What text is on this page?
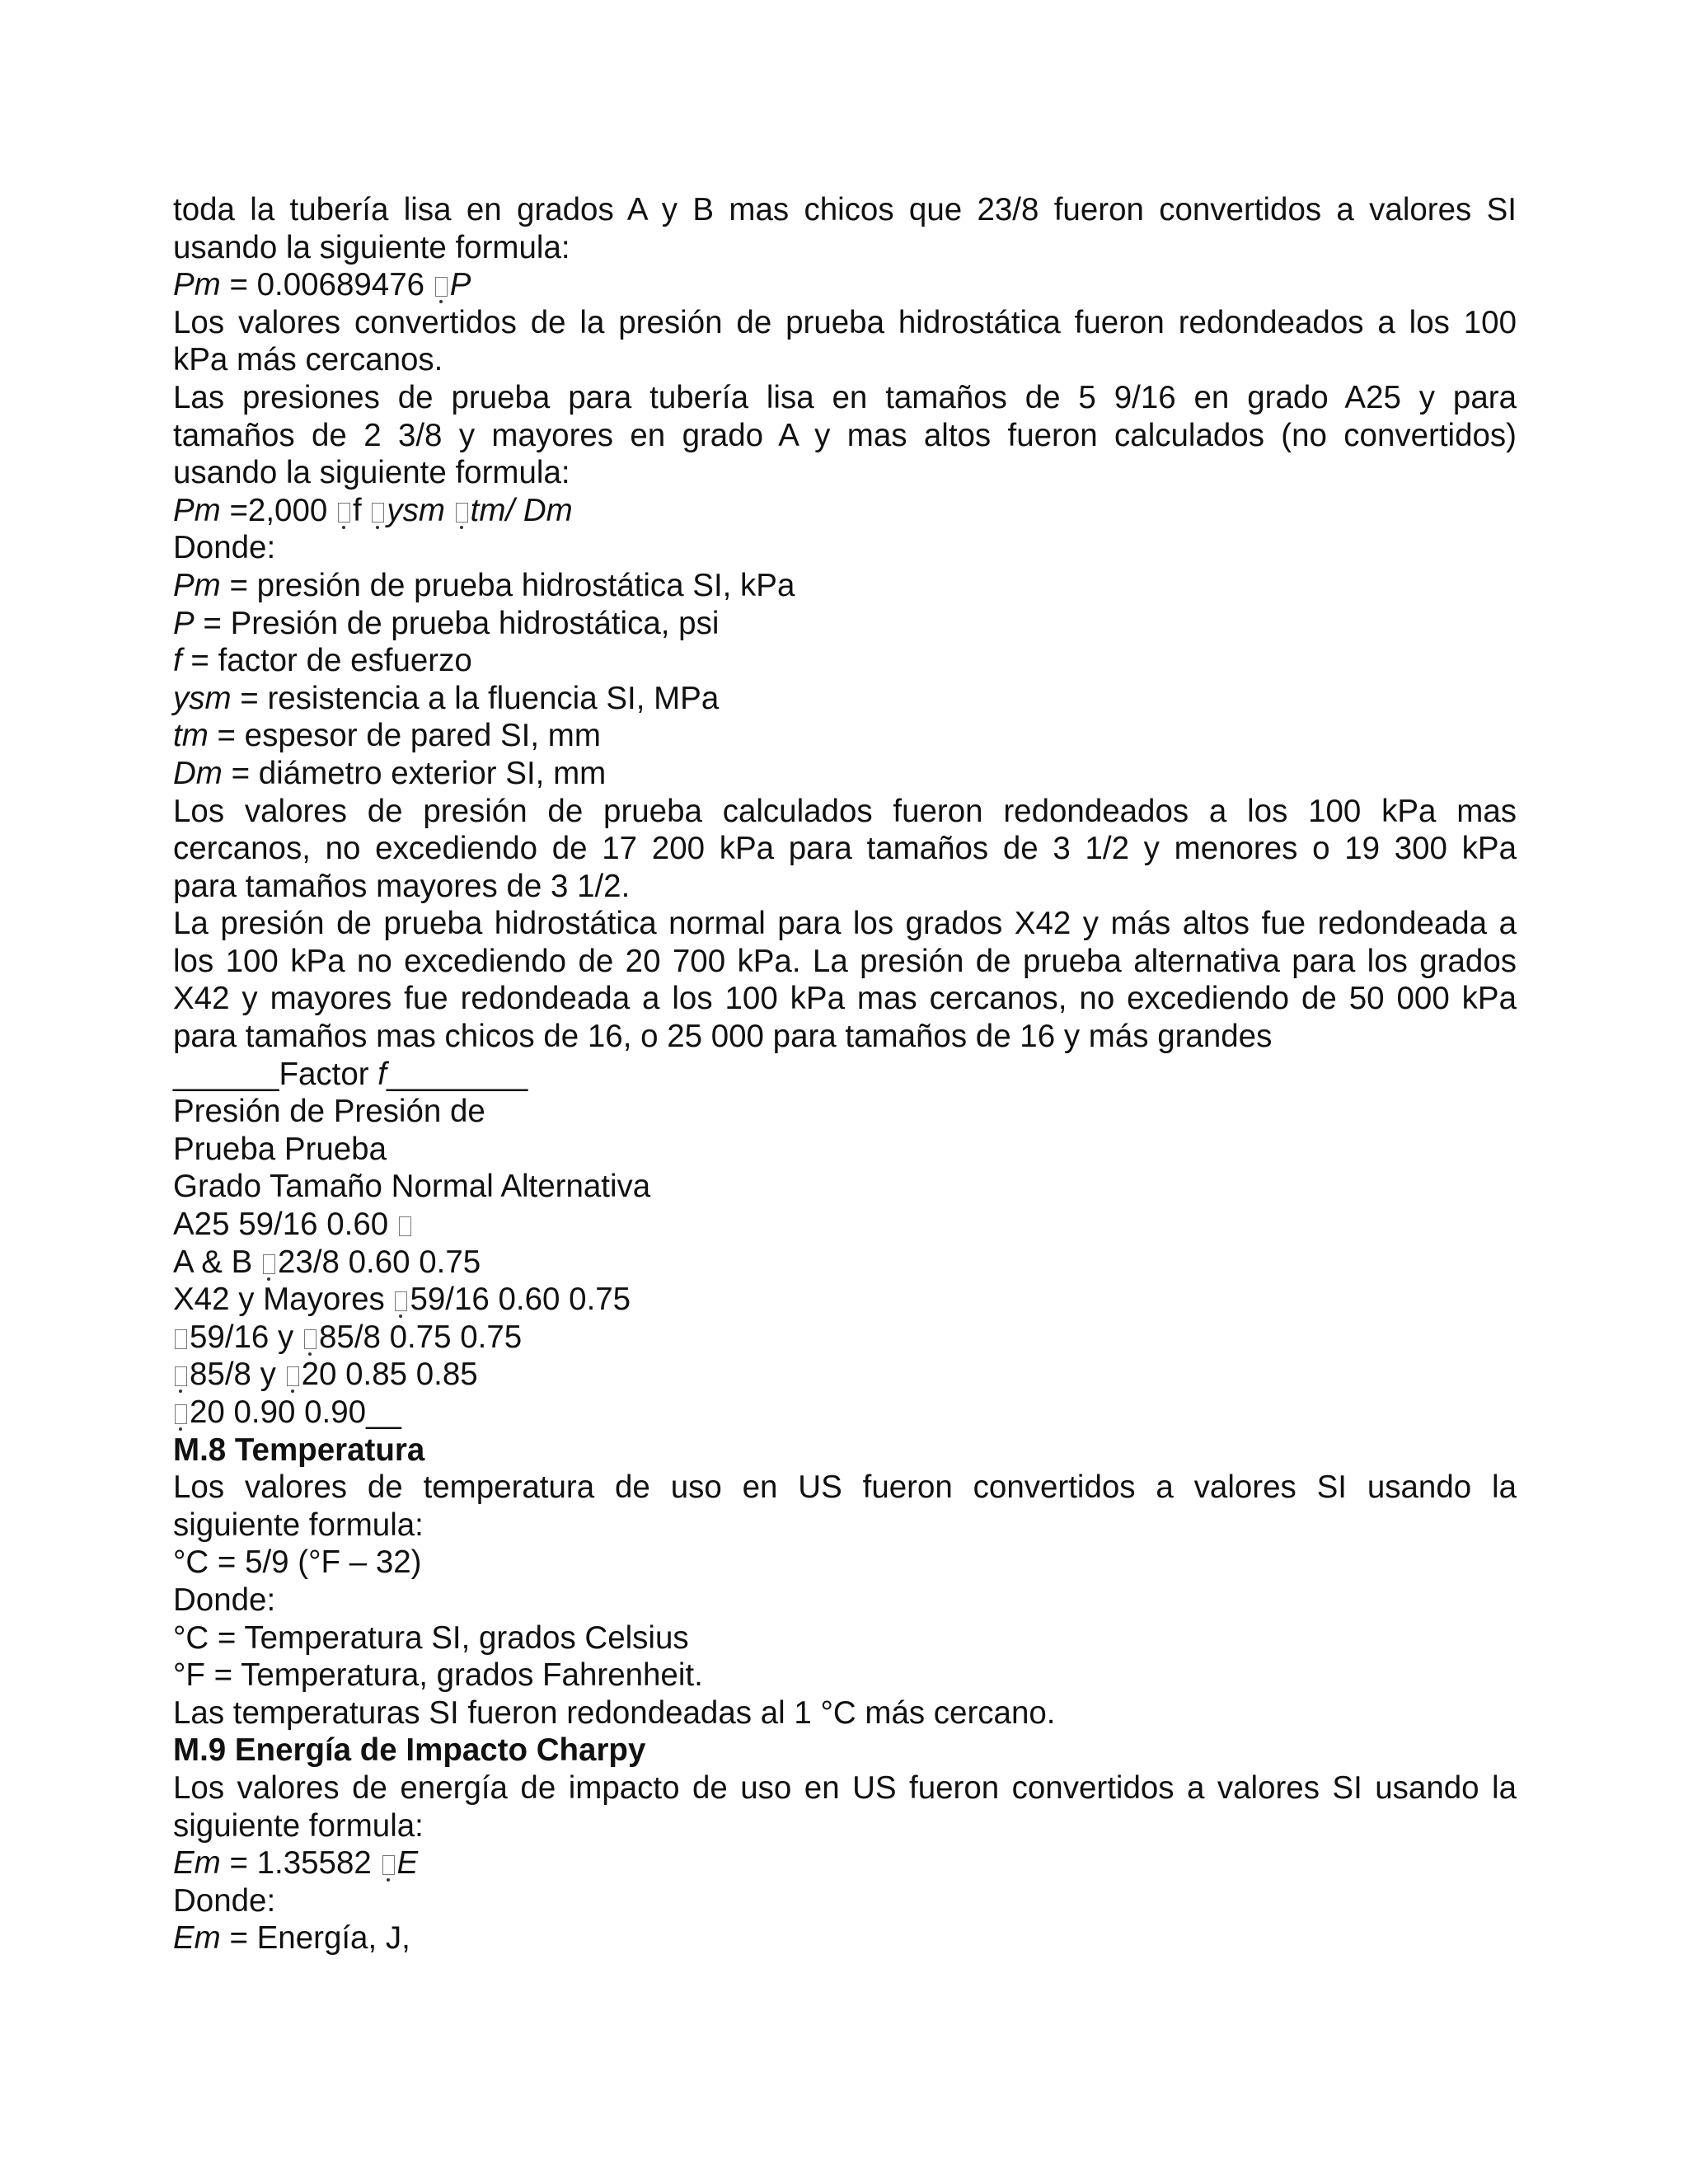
toda la tubería lisa en grados A y B mas chicos que 23/8 fueron convertidos a valores SI
usando la siguiente formula:
Pm = 0.00689476 P
Los valores convertidos de la presión de prueba hidrostática fueron redondeados a los 100
kPa más cercanos.
Las presiones de prueba para tubería lisa en tamaños de 5 9/16 en grado A25 y para
tamaños de 2 3/8 y mayores en grado A y mas altos fueron calculados (no convertidos)
usando la siguiente formula:
Pm =2,000 f ysm tm/ Dm
Donde:
Pm = presión de prueba hidrostática SI, kPa
P = Presión de prueba hidrostática, psi
f = factor de esfuerzo
ysm = resistencia a la fluencia SI, MPa
tm = espesor de pared SI, mm
Dm = diámetro exterior SI, mm
Los valores de presión de prueba calculados fueron redondeados a los 100 kPa mas
cercanos, no excediendo de 17 200 kPa para tamaños de 3 1/2 y menores o 19 300 kPa
para tamaños mayores de 3 1/2.
La presión de prueba hidrostática normal para los grados X42 y más altos fue redondeada a
los 100 kPa no excediendo de 20 700 kPa. La presión de prueba alternativa para los grados
X42 y mayores fue redondeada a los 100 kPa mas cercanos, no excediendo de 50 000 kPa
para tamaños mas chicos de 16, o 25 000 para tamaños de 16 y más grandes
______Factor f________
Presión de Presión de
Prueba Prueba
Grado Tamaño Normal Alternativa
A25 59/16 0.60
A & B 23/8 0.60 0.75
X42 y Mayores 59/16 0.60 0.75
59/16 y 85/8 0.75 0.75
85/8 y 20 0.85 0.85
20 0.90 0.90__
M.8 Temperatura
Los valores de temperatura de uso en US fueron convertidos a valores SI usando la
siguiente formula:
°C = 5/9 (°F – 32)
Donde:
°C = Temperatura SI, grados Celsius
°F = Temperatura, grados Fahrenheit.
Las temperaturas SI fueron redondeadas al 1 °C más cercano.
M.9 Energía de Impacto Charpy
Los valores de energía de impacto de uso en US fueron convertidos a valores SI usando la
siguiente formula:
Em = 1.35582 E
Donde:
Em = Energía, J,
